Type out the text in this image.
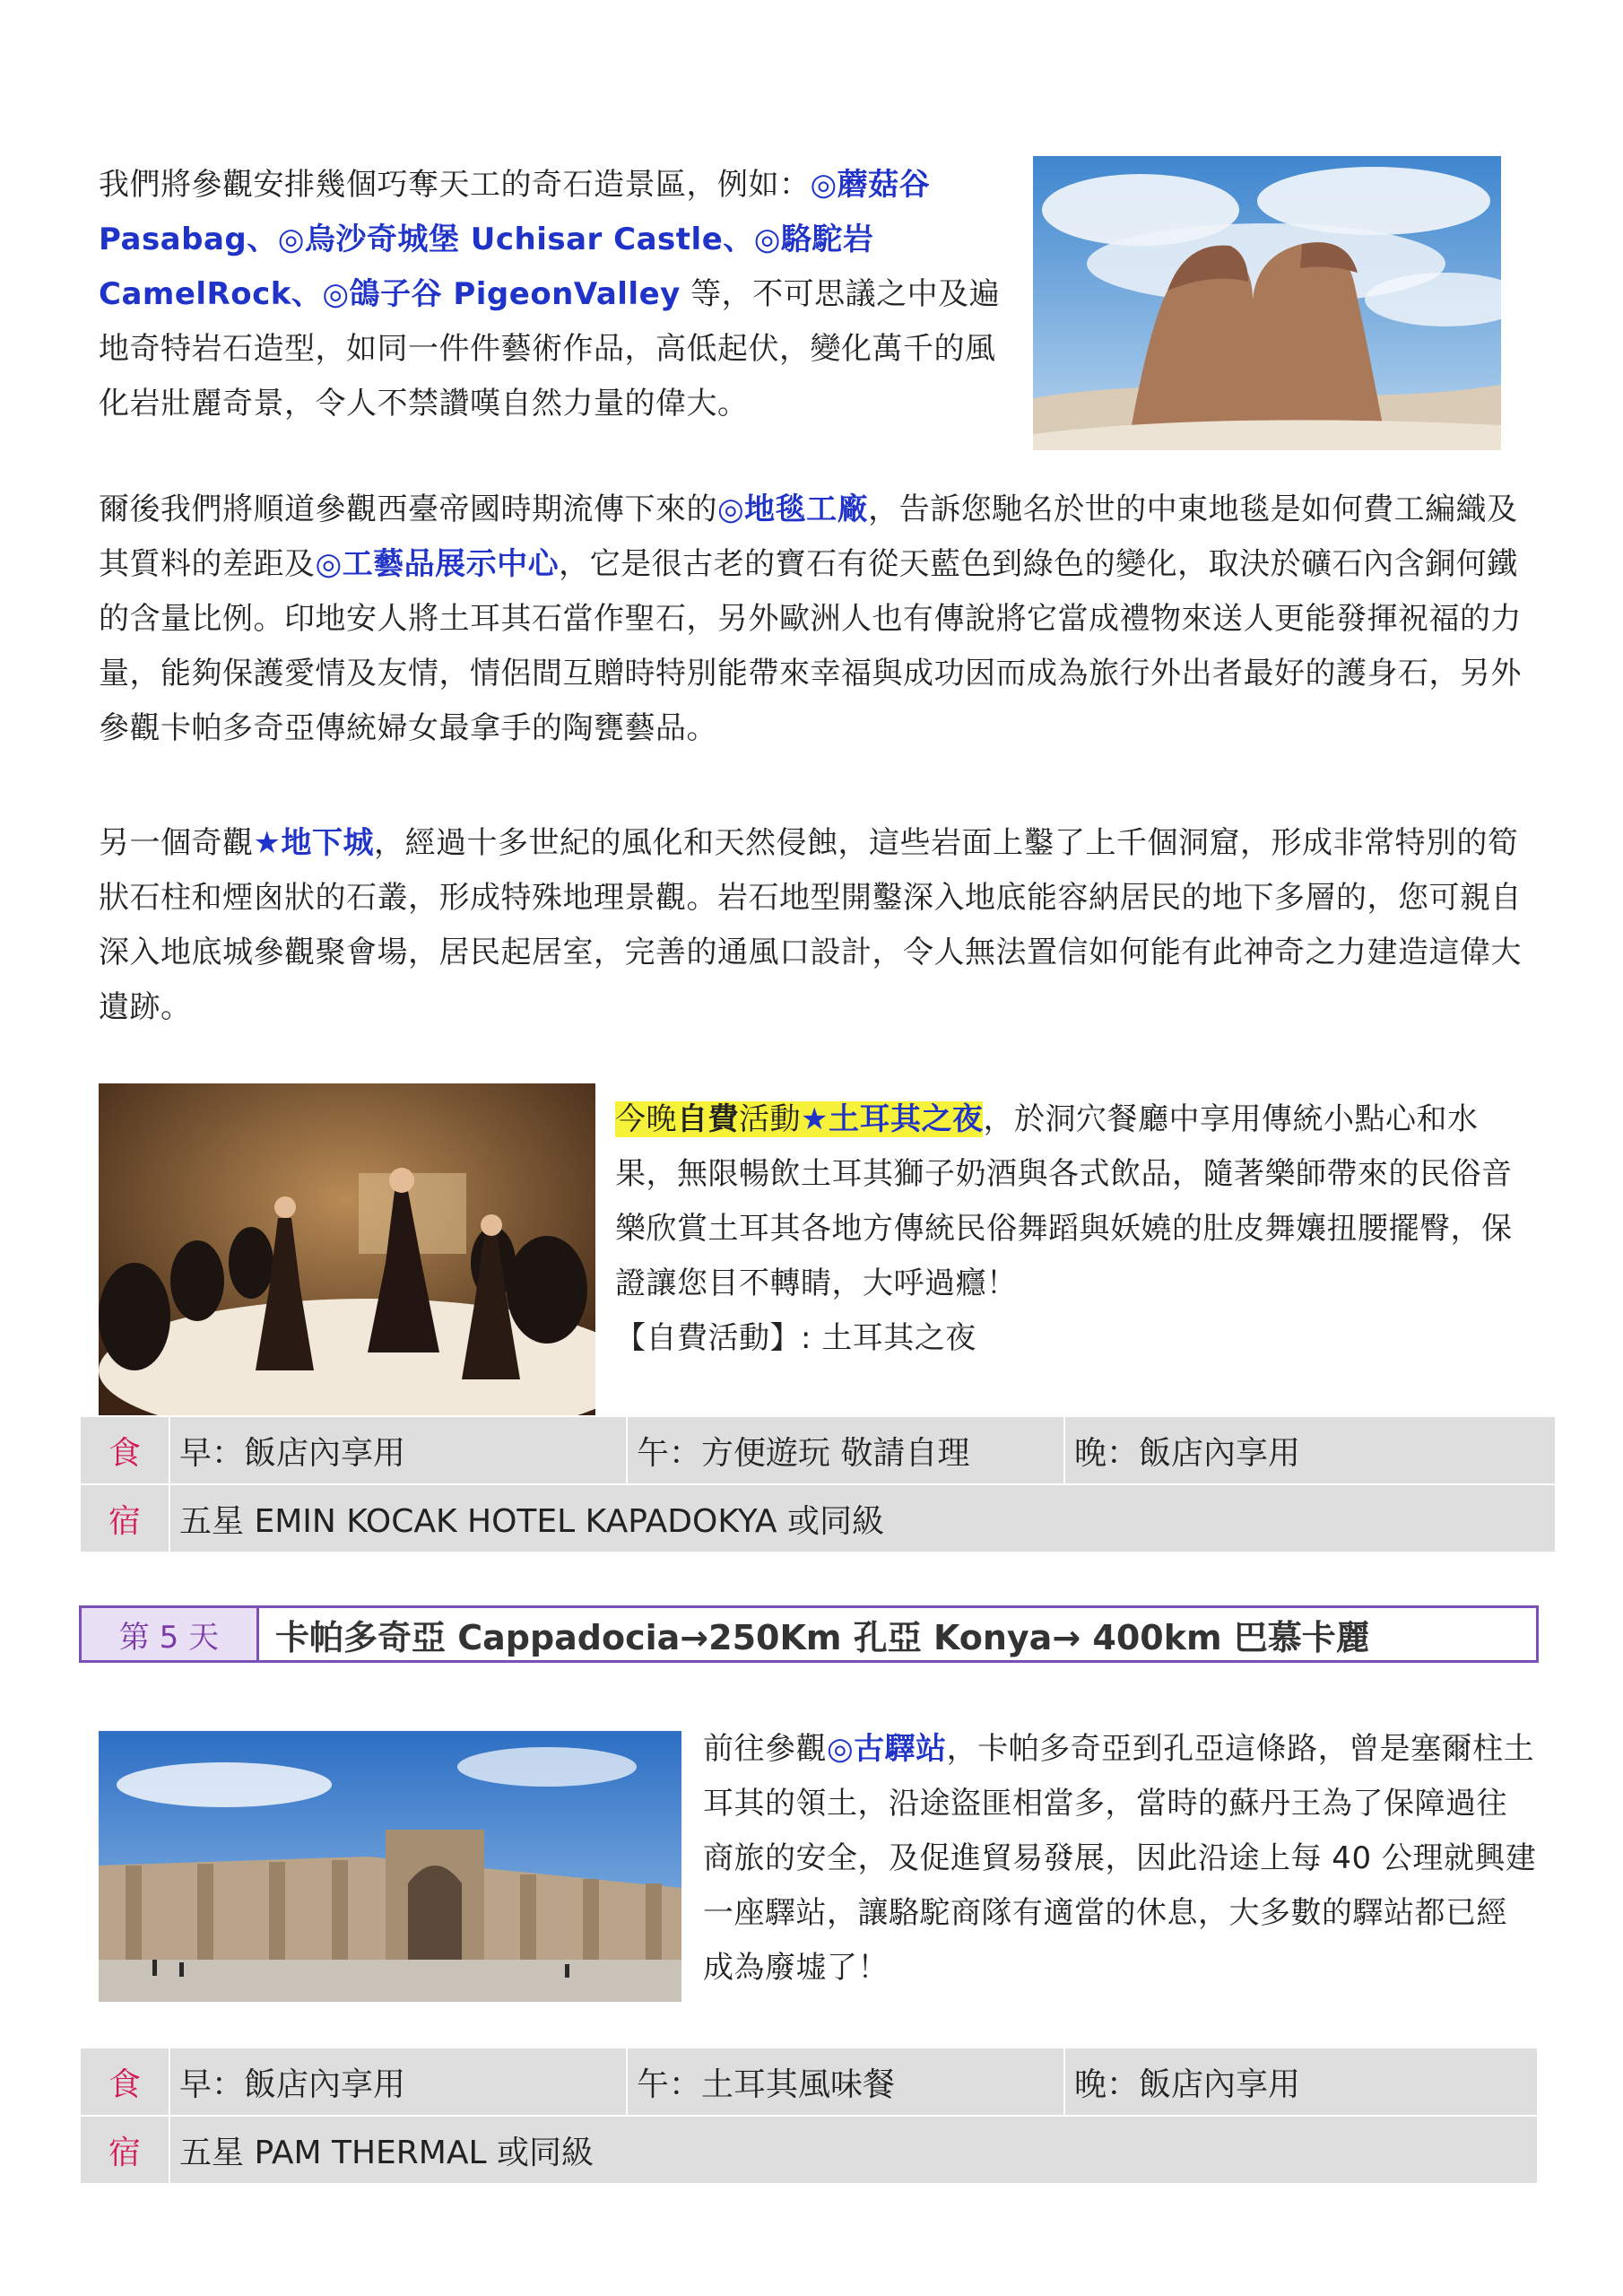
我們將參觀安排幾個巧奪天工的奇石造景區，例如：◎蘑菇谷 Pasabag、◎烏沙奇城堡 Uchisar Castle、◎駱駝岩 CamelRock、◎鴿子谷 PigeonValley 等，不可思議之中及遍地奇特岩石造型，如同一件件藝術作品，高低起伏，變化萬千的風化岩壯麗奇景，令人不禁讚嘆自然力量的偉大。

爾後我們將順道參觀西臺帝國時期流傳下來的◎地毯工廠，告訴您馳名於世的中東地毯是如何費工編織及其質料的差距及◎工藝品展示中心，它是很古老的寶石有從天藍色到綠色的變化，取決於礦石內含銅何鐵的含量比例。印地安人將土耳其石當作聖石，另外歐洲人也有傳說將它當成禮物來送人更能發揮祝福的力量，能夠保護愛情及友情，情侶間互贈時特別能帶來幸福與成功因而成為旅行外出者最好的護身石，另外參觀卡帕多奇亞傳統婦女最拿手的陶甕藝品。

另一個奇觀★地下城，經過十多世紀的風化和天然侵蝕，這些岩面上鑿了上千個洞窟，形成非常特別的筍狀石柱和煙囪狀的石叢，形成特殊地理景觀。岩石地型開鑿深入地底能容納居民的地下多層的，您可親自深入地底城參觀聚會場，居民起居室，完善的通風口設計，令人無法置信如何能有此神奇之力建造這偉大遺跡。

今晚自費活動★土耳其之夜，於洞穴餐廳中享用傳統小點心和水果，無限暢飲土耳其獅子奶酒與各式飲品，隨著樂師帶來的民俗音樂欣賞土耳其各地方傳統民俗舞蹈與妖嬈的肚皮舞孃扭腰擺臀，保證讓您目不轉睛，大呼過癮！
【自費活動】: 土耳其之夜

食	早：飯店內享用	午：方便遊玩 敬請自理	晚：飯店內享用
宿	五星 EMIN KOCAK HOTEL KAPADOKYA 或同級		
第 5 天	卡帕多奇亞 Cappadocia→250Km 孔亞 Konya→ 400km 巴慕卡麗

前往參觀◎古驛站，卡帕多奇亞到孔亞這條路，曾是塞爾柱土耳其的領土，沿途盜匪相當多，當時的蘇丹王為了保障過往商旅的安全，及促進貿易發展，因此沿途上每 40 公理就興建一座驛站，讓駱駝商隊有適當的休息，大多數的驛站都已經成為廢墟了！

食	早：飯店內享用	午：土耳其風味餐	晚：飯店內享用
宿	五星 PAM THERMAL 或同級		
